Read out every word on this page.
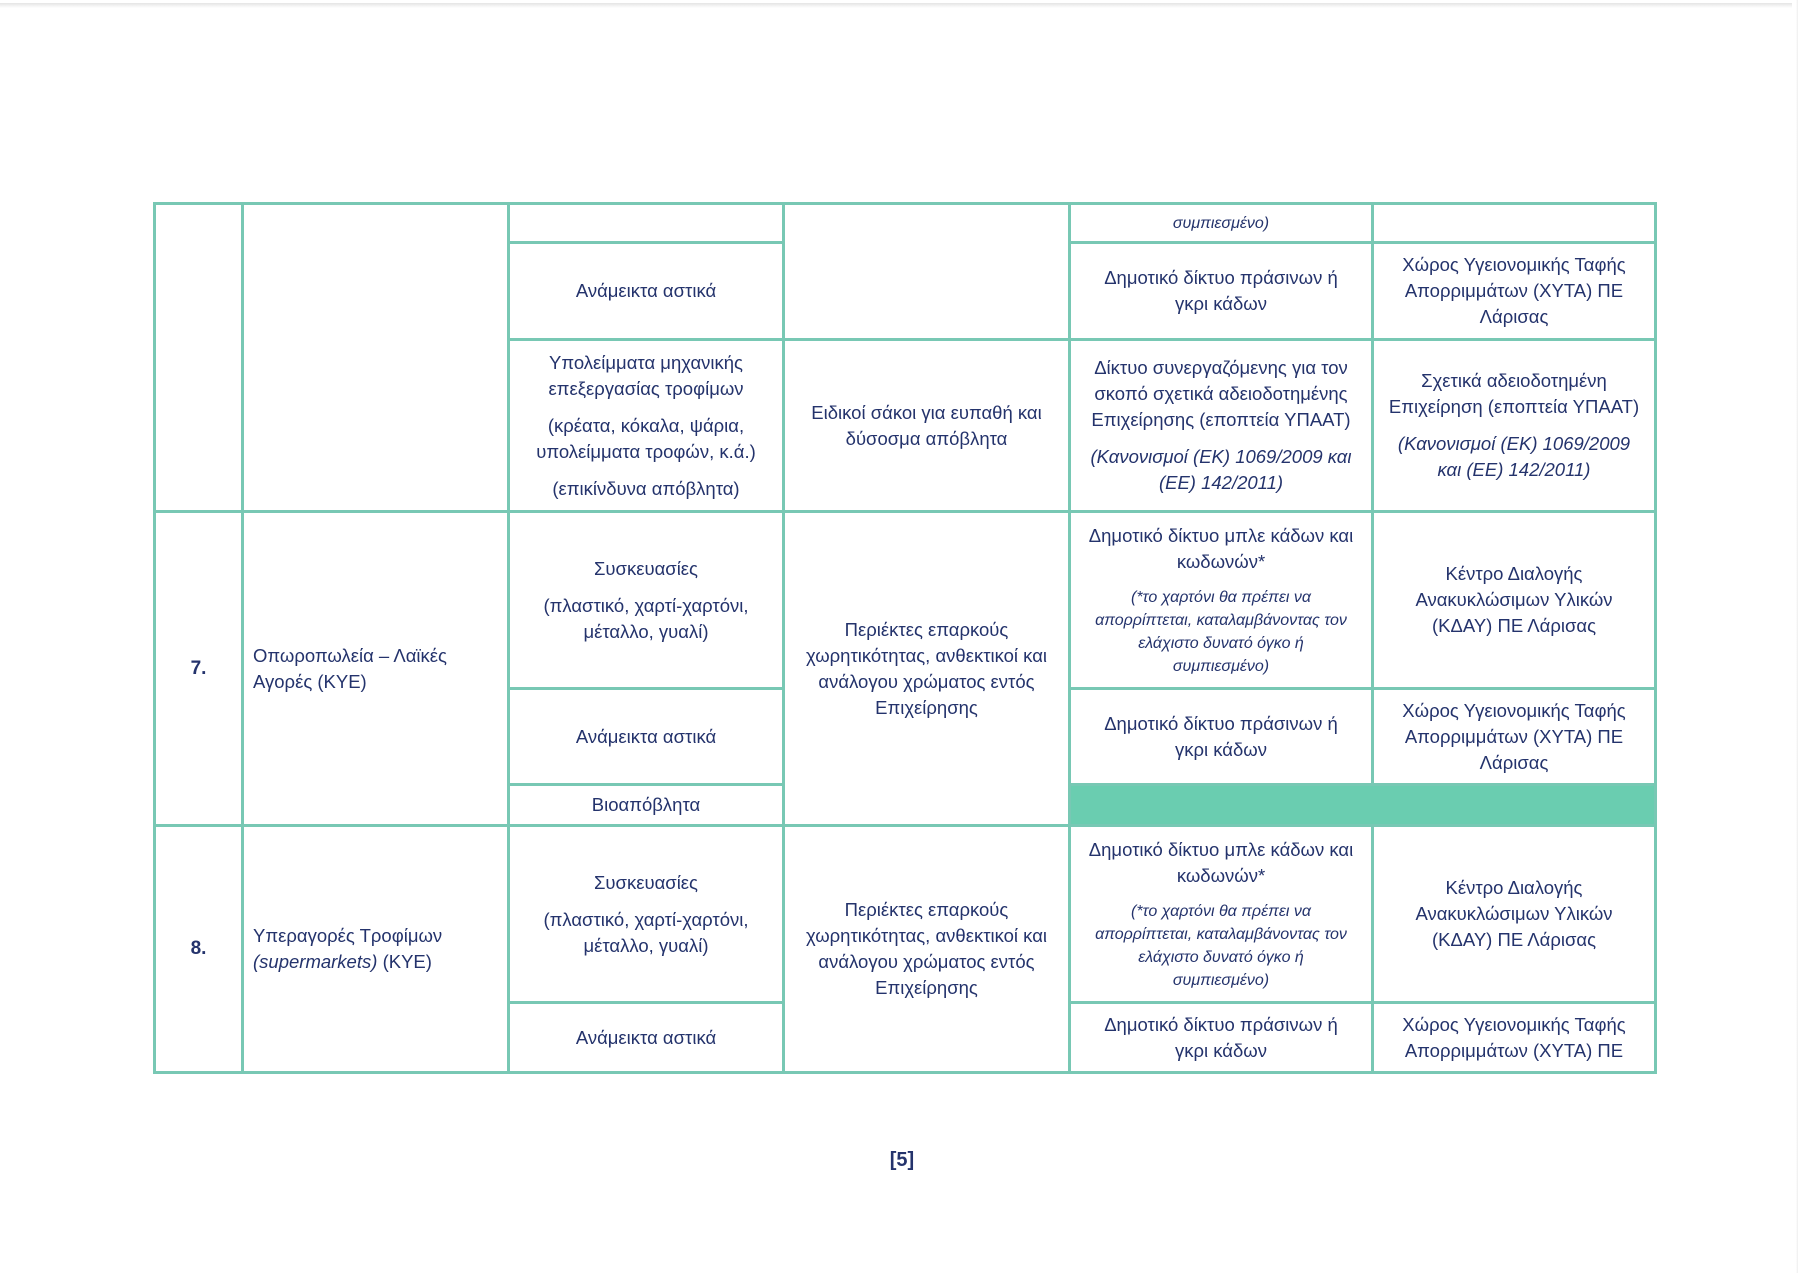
συμπιεσμένο)
Ανάμεικτα αστικά
Δημοτικό δίκτυο πράσινων ή
γκρι κάδων
Χώρος Υγειονομικής Ταφής
Απορριμμάτων (ΧΥΤΑ) ΠΕ
Λάρισας
Υπολείμματα μηχανικής
επεξεργασίας τροφίμων
(κρέατα, κόκαλα, ψάρια,
υπολείμματα τροφών, κ.ά.)
(επικίνδυνα απόβλητα)
Ειδικοί σάκοι για ευπαθή και
δύσοσμα απόβλητα
Δίκτυο συνεργαζόμενης για τον
σκοπό σχετικά αδειοδοτημένης
Επιχείρησης (εποπτεία ΥΠΑΑΤ)
(Κανονισμοί (ΕΚ) 1069/2009 και
(ΕΕ) 142/2011)
Σχετικά αδειοδοτημένη
Επιχείρηση (εποπτεία ΥΠΑΑΤ)
(Κανονισμοί (ΕΚ) 1069/2009
και (ΕΕ) 142/2011)
7.
Οπωροπωλεία – Λαϊκές
Αγορές (ΚΥΕ)
Συσκευασίες
(πλαστικό, χαρτί-χαρτόνι,
μέταλλο, γυαλί)	Περιέκτες επαρκούς
χωρητικότητας, ανθεκτικοί και
ανάλογου χρώματος εντός
Επιχείρησης
Δημοτικό δίκτυο μπλε κάδων και
κωδωνών*
(*το χαρτόνι θα πρέπει να
απορρίπτεται, καταλαμβάνοντας τον
ελάχιστο δυνατό όγκο ή
συμπιεσμένο)
Κέντρο Διαλογής
Ανακυκλώσιμων Υλικών
(ΚΔΑΥ) ΠΕ Λάρισας
Ανάμεικτα αστικά
Δημοτικό δίκτυο πράσινων ή
γκρι κάδων
Χώρος Υγειονομικής Ταφής
Απορριμμάτων (ΧΥΤΑ) ΠΕ
Λάρισας
Βιοαπόβλητα
8.
Υπεραγορές Τροφίμων
(supermarkets) (ΚΥΕ)
Συσκευασίες
(πλαστικό, χαρτί-χαρτόνι,
μέταλλο, γυαλί)
Περιέκτες επαρκούς
χωρητικότητας, ανθεκτικοί και
ανάλογου χρώματος εντός
Επιχείρησης
Δημοτικό δίκτυο μπλε κάδων και
κωδωνών*
(*το χαρτόνι θα πρέπει να
απορρίπτεται, καταλαμβάνοντας τον
ελάχιστο δυνατό όγκο ή
συμπιεσμένο)
Κέντρο Διαλογής
Ανακυκλώσιμων Υλικών
(ΚΔΑΥ) ΠΕ Λάρισας
Ανάμεικτα αστικά
Δημοτικό δίκτυο πράσινων ή
γκρι κάδων
Χώρος Υγειονομικής Ταφής
Απορριμμάτων (ΧΥΤΑ) ΠΕ
[5]
